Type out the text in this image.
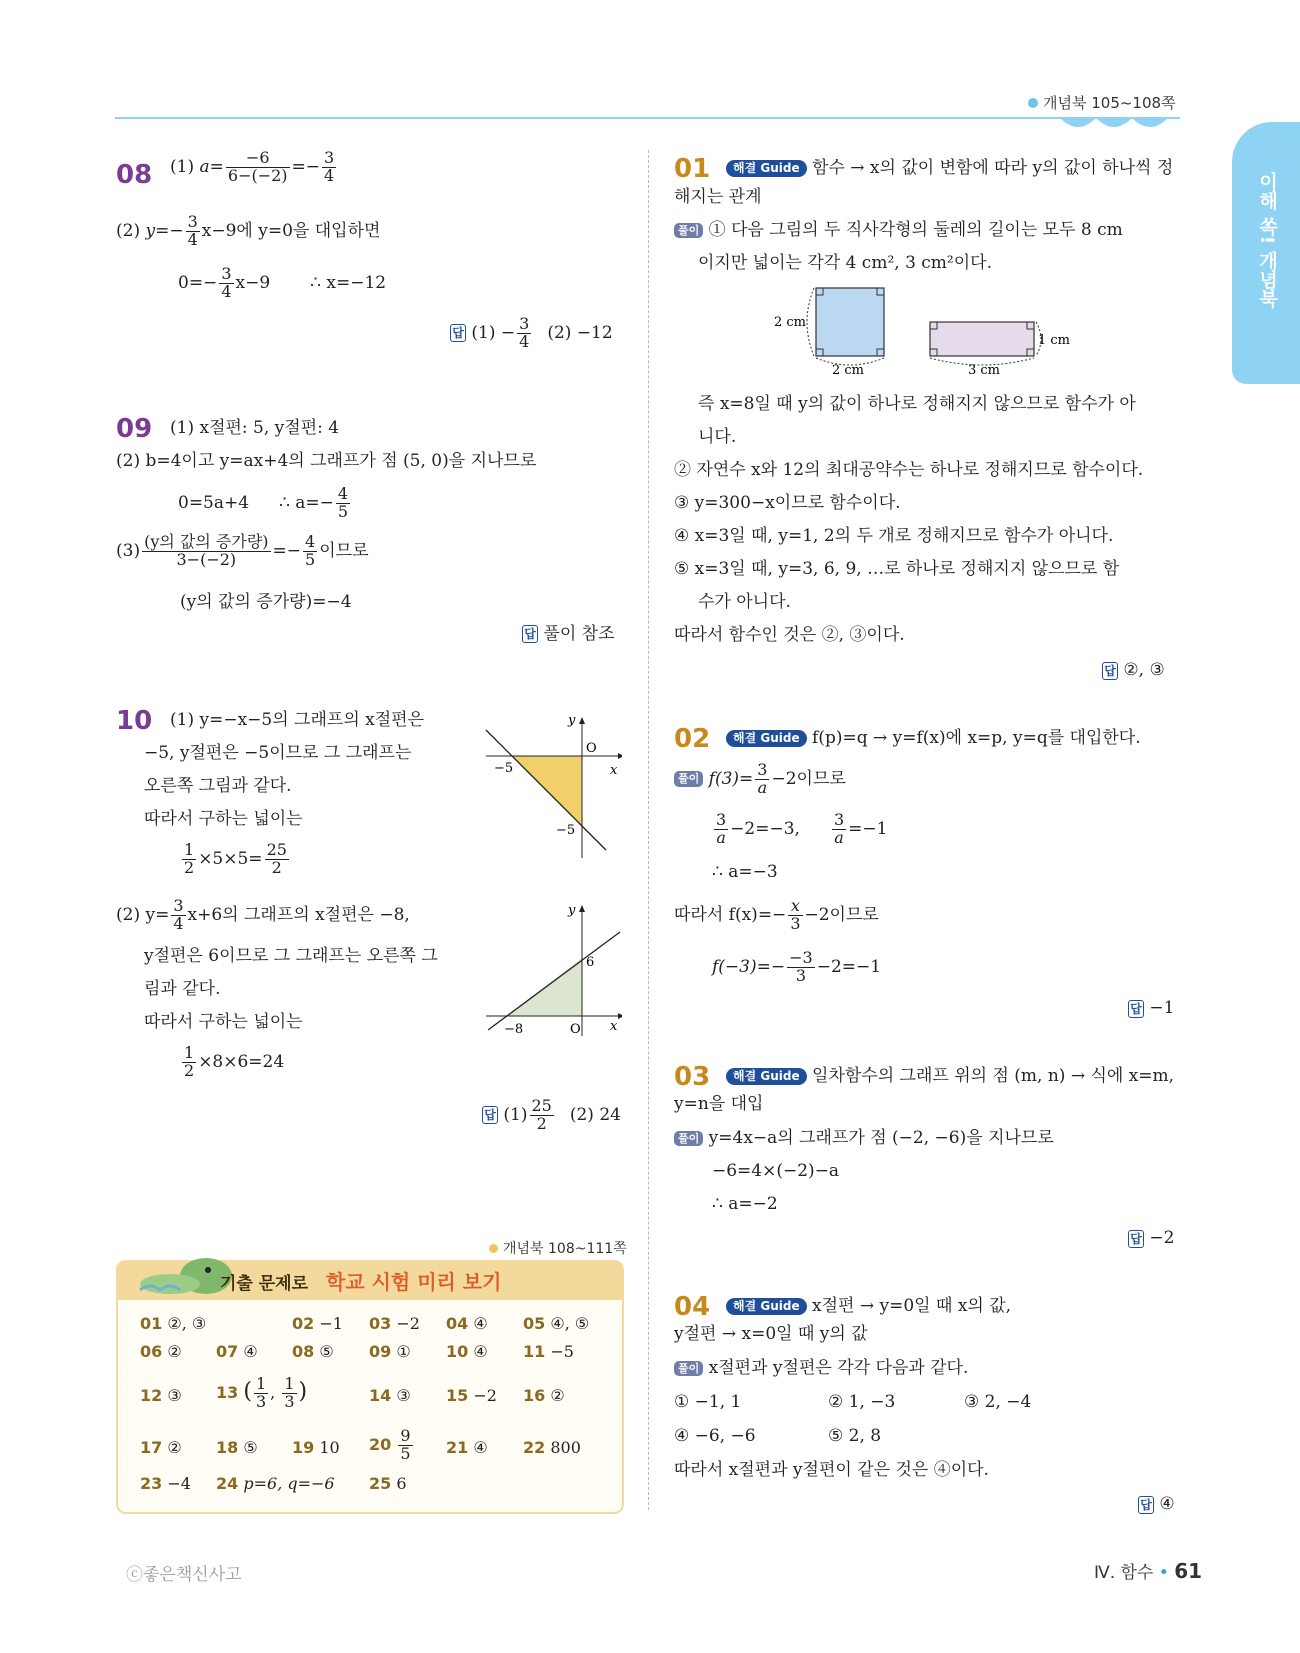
개념북 105~108쪽
이해 쏙! 개념북
08 (1) $a= \frac{-6}{6-(-2)} =- \frac{3}{4}$
(2) $y=- \frac{3}{4} x-9$에 y=0을 대입하면
$0=- \frac{3}{4} x-9$ ∴ x=−12
답 $(1) - \frac{3}{4} (2) -12$
09 (1) x절편: 5, y절편: 4
(2) b=4이고 y=ax+4의 그래프가 점 (5, 0)을 지나므로
0=5a+4 ∴ $a=- \frac{4}{5}$
$(3) \frac{\text{(y의 값의 증가량)}}{3-(-2)} =- \frac{4}{5}$ 이므로
(y의 값의 증가량)=−4
답 풀이 참조
10 (1) y=−x−5의 그래프의 x절편은
−5, y절편은 −5이므로 그 그래프는
오른쪽 그림과 같다.
따라서 구하는 넓이는
$\frac{1}{2} \times 5\times 5= \frac{25}{2}$
(2) $y= \frac{3}{4} x+6$의 그래프의 x절편은 −8,
y절편은 6이므로 그 그래프는 오른쪽 그
림과 같다.
따라서 구하는 넓이는
$\frac{1}{2} \times 8\times 6=24$
답 $(1) \frac{25}{2} (2)$ 24
y
x
O
−5
−5
y
x
O
−8
6
개념북 108~111쪽
기출 문제로 학교 시험 미리 보기
01 ②, ③	02 −1 03 −2 04 ④ 05 ④, ⑤
06 ② 07 ④ 08 ⑤ 09 ① 10 ④ 11 −5
12 ③ 13 ( $\frac{1}{3}$ , $\frac{1}{3}$ )	14 ③ 15 −2 16 ②
17 ② 18 ⑤ 19 10 $20 \frac{9}{5} 21$ ④ 22 800
23 −4 24 p=6, q=−6 25 6
01	해결 Guide 함수 → x의 값이 변함에 따라 y의 값이 하나씩 정
해지는 관계
풀이 ① 다음 그림의 두 직사각형의 둘레의 길이는 모두 8 cm
이지만 넓이는 각각 4 cm², 3 cm²이다.
2 cm
2 cm
1 cm
3 cm
즉 x=8일 때 y의 값이 하나로 정해지지 않으므로 함수가 아
니다.
② 자연수 x와 12의 최대공약수는 하나로 정해지므로 함수이다.
③ y=300−x이므로 함수이다.
④ x=3일 때, y=1, 2의 두 개로 정해지므로 함수가 아니다.
⑤ x=3일 때, y=3, 6, 9, …로 하나로 정해지지 않으므로 함
수가 아니다.
따라서 함수인 것은 ②, ③이다.
답 ②, ③
02	해결 Guide f(p)=q → y=f(x)에 x=p, y=q를 대입한다.
풀이 $f(3)= \frac{3}{a} -2$이므로
$\frac{3}{a} -2=-3$, $\frac{3}{a} =-1$
∴ a=−3
따라서 $f(x)=- \frac{x}{3} -2$이므로
$f(-3)=- \frac{-3}{3} -2=-1$
답 −1
03	해결 Guide 일차함수의 그래프 위의 점 (m, n) → 식에 x=m,
y=n을 대입
풀이 y=4x−a의 그래프가 점 (−2, −6)을 지나므로
−6=4×(−2)−a
∴ a=−2
답 −2
04	해결 Guide x절편 → y=0일 때 x의 값,
y절편 → x=0일 때 y의 값
풀이 x절편과 y절편은 각각 다음과 같다.
① −1, 1	② 1, −3	③ 2, −4
④ −6, −6	⑤ 2, 8
따라서 x절편과 y절편이 같은 것은 ④이다.
답 ④
ⓒ좋은책신사고	Ⅳ. 함수 • 61
